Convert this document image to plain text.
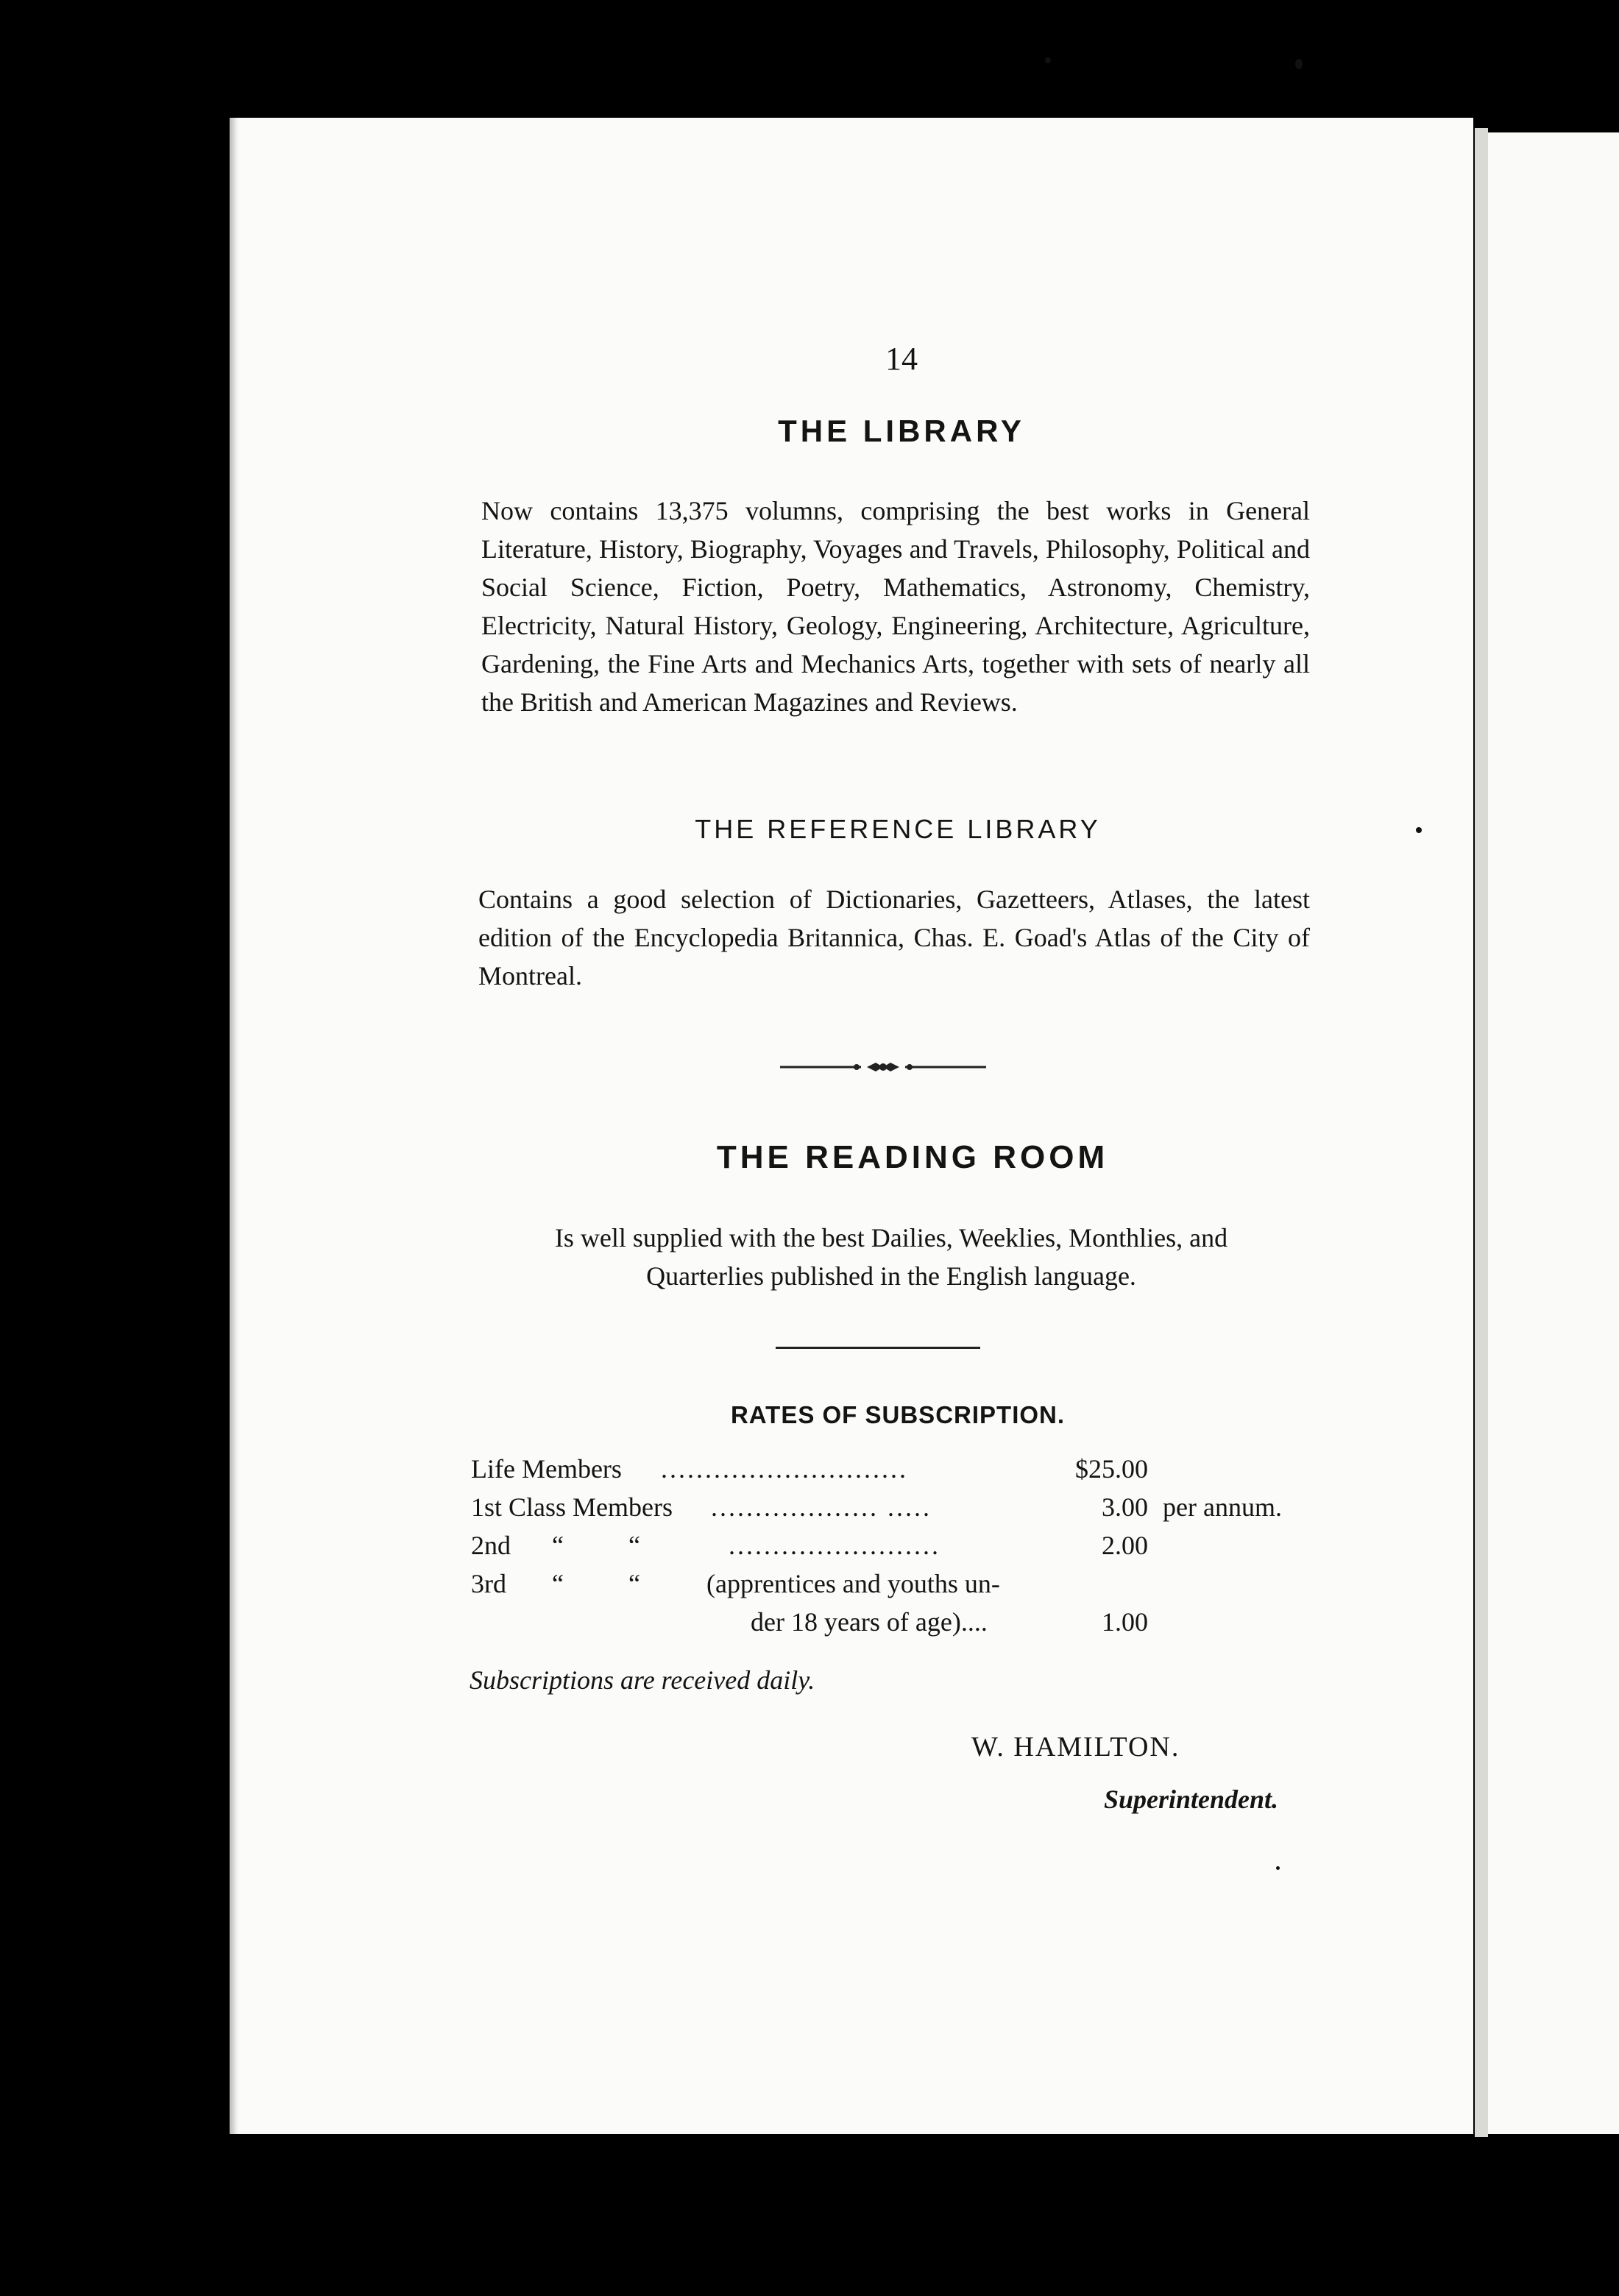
14
THE LIBRARY
Now contains 13,375 volumns, comprising the best works in General Literature, History, Biography, Voyages and Travels, Philosophy, Political and Social Science, Fiction, Poetry, Mathematics, Astronomy, Chemistry, Electricity, Natural History, Geology, Engineering, Architecture, Agriculture, Gardening, the Fine Arts and Mechanics Arts, together with sets of nearly all the British and American Magazines and Reviews.
THE REFERENCE LIBRARY
Contains a good selection of Dictionaries, Gazetteers, Atlases, the latest edition of the Encyclopedia Britannica, Chas. E. Goad's Atlas of the City of Montreal.
THE READING ROOM
Is well supplied with the best Dailies, Weeklies, Monthlies, and
Quarterlies published in the English language.
RATES OF SUBSCRIPTION.
Life Members ............................	$25.00
1st Class Members ................... .....	3.00 per annum.
2nd “ “	........................	2.00
3rd “ “	(apprentices and youths un-
der 18 years of age)....	1.00
Subscriptions are received daily.
W. HAMILTON.
Superintendent.
